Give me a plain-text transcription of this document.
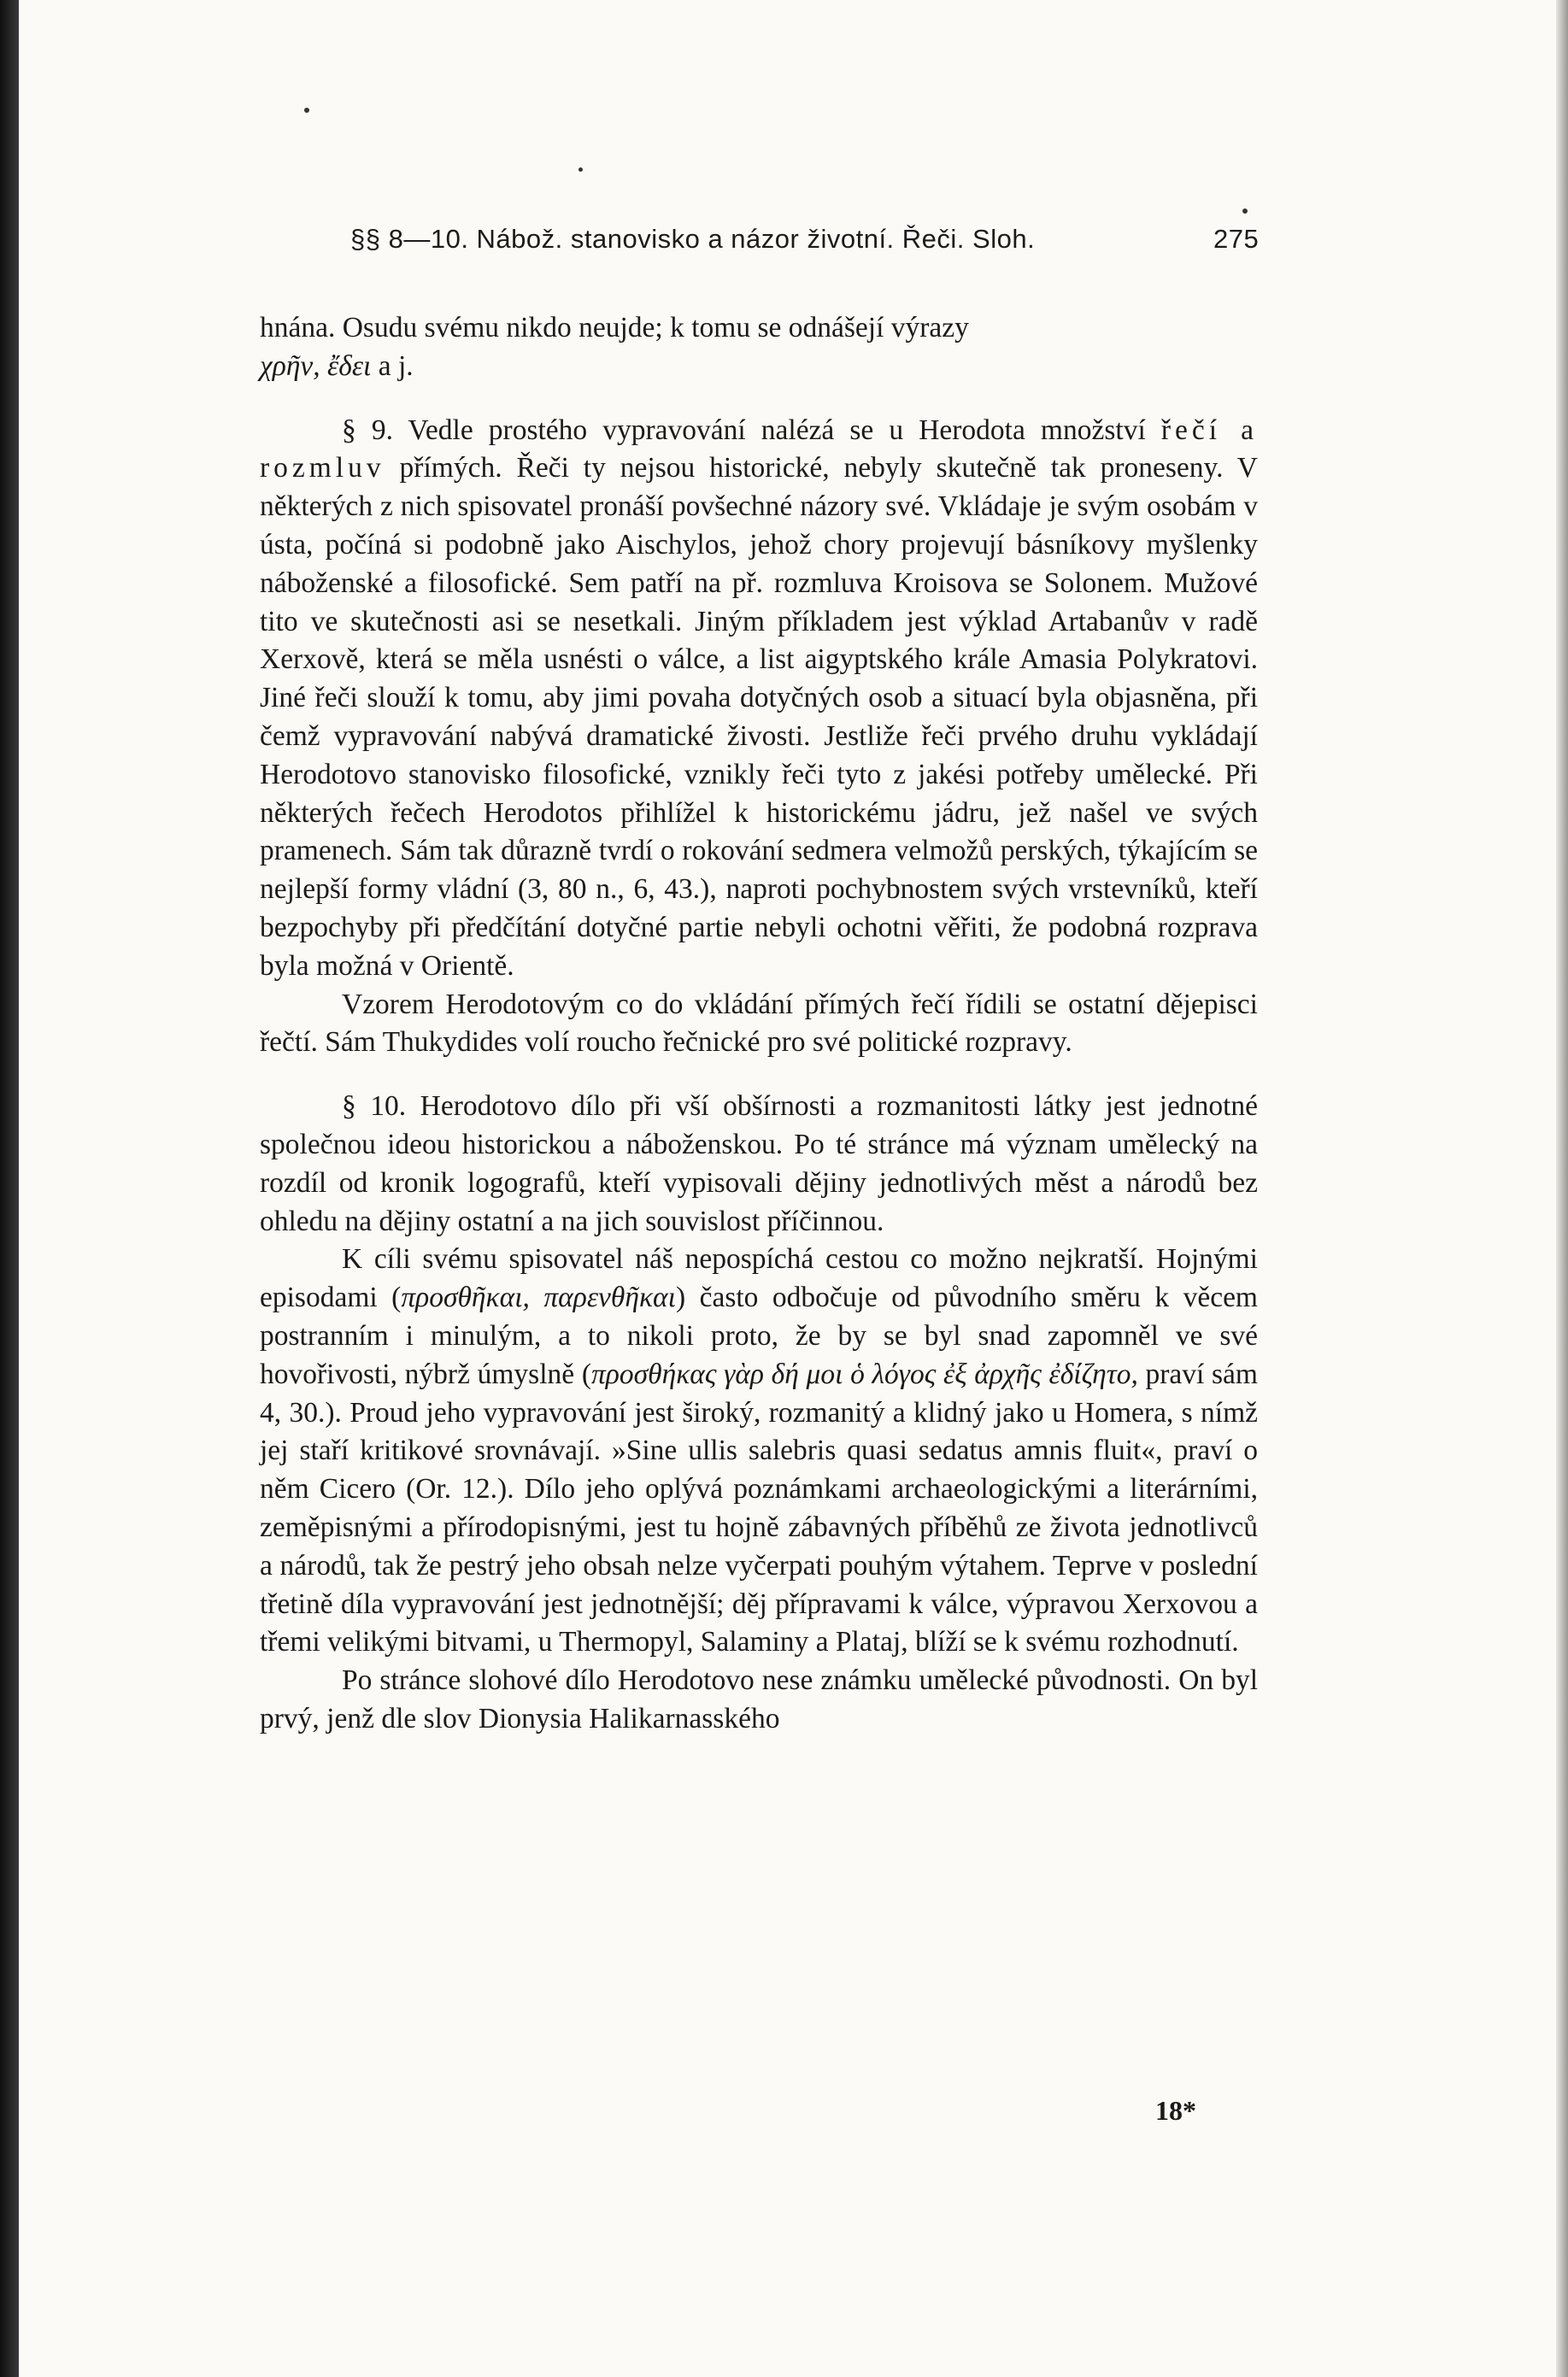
§§ 8—10. Nábož. stanovisko a názor životní. Řeči. Sloh.	275

hnána. Osudu svému nikdo neujde; k tomu se odnášejí výrazy
χρῆν, ἔδει a j.

§ 9. Vedle prostého vypravování nalézá se u Herodota množství řečí a rozmluv přímých. Řeči ty nejsou historické, nebyly skutečně tak proneseny. V některých z nich spisovatel pronáší povšechné názory své. Vkládaje je svým osobám v ústa, počíná si podobně jako Aischylos, jehož chory projevují básníkovy myšlenky náboženské a filosofické. Sem patří na př. rozmluva Kroisova se Solonem. Mužové tito ve skutečnosti asi se nesetkali. Jiným příkladem jest výklad Artabanův v radě Xerxově, která se měla usnésti o válce, a list aigyptského krále Amasia Polykratovi. Jiné řeči slouží k tomu, aby jimi povaha dotyčných osob a situací byla objasněna, při čemž vypravování nabývá dramatické živosti. Jestliže řeči prvého druhu vykládají Herodotovo stanovisko filosofické, vznikly řeči tyto z jakési potřeby umělecké. Při některých řečech Herodotos přihlížel k historickému jádru, jež našel ve svých pramenech. Sám tak důrazně tvrdí o rokování sedmera velmožů perských, týkajícím se nejlepší formy vládní (3, 80 n., 6, 43.), naproti pochybnostem svých vrstevníků, kteří bezpochyby při předčítání dotyčné partie nebyli ochotni věřiti, že podobná rozprava byla možná v Orientě.

Vzorem Herodotovým co do vkládání přímých řečí řídili se ostatní dějepisci řečtí. Sám Thukydides volí roucho řečnické pro své politické rozpravy.

§ 10. Herodotovo dílo při vší obšírnosti a rozmanitosti látky jest jednotné společnou ideou historickou a náboženskou. Po té stránce má význam umělecký na rozdíl od kronik logografů, kteří vypisovali dějiny jednotlivých měst a národů bez ohledu na dějiny ostatní a na jich souvislost příčinnou.

K cíli svému spisovatel náš nepospíchá cestou co možno nejkratší. Hojnými episodami (προσθῆκαι, παρενθῆκαι) často odbočuje od původního směru k věcem postranním i minulým, a to nikoli proto, že by se byl snad zapomněl ve své hovořivosti, nýbrž úmyslně (προσθήκας γὰρ δή μοι ὁ λόγος ἐξ ἀρχῆς ἐδίζητο, praví sám 4, 30.). Proud jeho vypravování jest široký, rozmanitý a klidný jako u Homera, s nímž jej staří kritikové srovnávají. »Sine ullis salebris quasi sedatus amnis fluit«, praví o něm Cicero (Or. 12.). Dílo jeho oplývá poznámkami archaeologickými a literárními, zeměpisnými a přírodopisnými, jest tu hojně zábavných příběhů ze života jednotlivců a národů, tak že pestrý jeho obsah nelze vyčerpati pouhým výtahem. Teprve v poslední třetině díla vypravování jest jednotnější; děj přípravami k válce, výpravou Xerxovou a třemi velikými bitvami, u Thermopyl, Salaminy a Plataj, blíží se k svému rozhodnutí.

Po stránce slohové dílo Herodotovo nese známku umělecké původnosti. On byl prvý, jenž dle slov Dionysia Halikarnasského

18*
